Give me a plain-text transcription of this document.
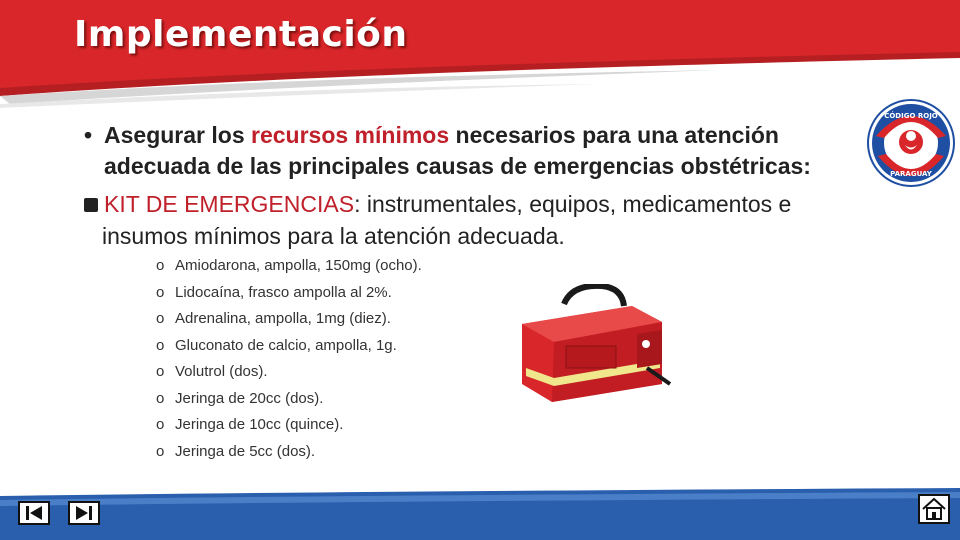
Implementación
CÓDIGO ROJO
PARAGUAY
• Asegurar los recursos mínimos necesarios para una atención
adecuada de las principales causas de emergencias obstétricas:
KIT DE EMERGENCIAS: instrumentales, equipos, medicamentos e
insumos mínimos para la atención adecuada.
o Amiodarona, ampolla, 150mg (ocho).
o Lidocaína, frasco ampolla al 2%.
o Adrenalina, ampolla, 1mg (diez).
o Gluconato de calcio, ampolla, 1g.
o Volutrol (dos).
o Jeringa de 20cc (dos).
o Jeringa de 10cc (quince).
o Jeringa de 5cc (dos).
